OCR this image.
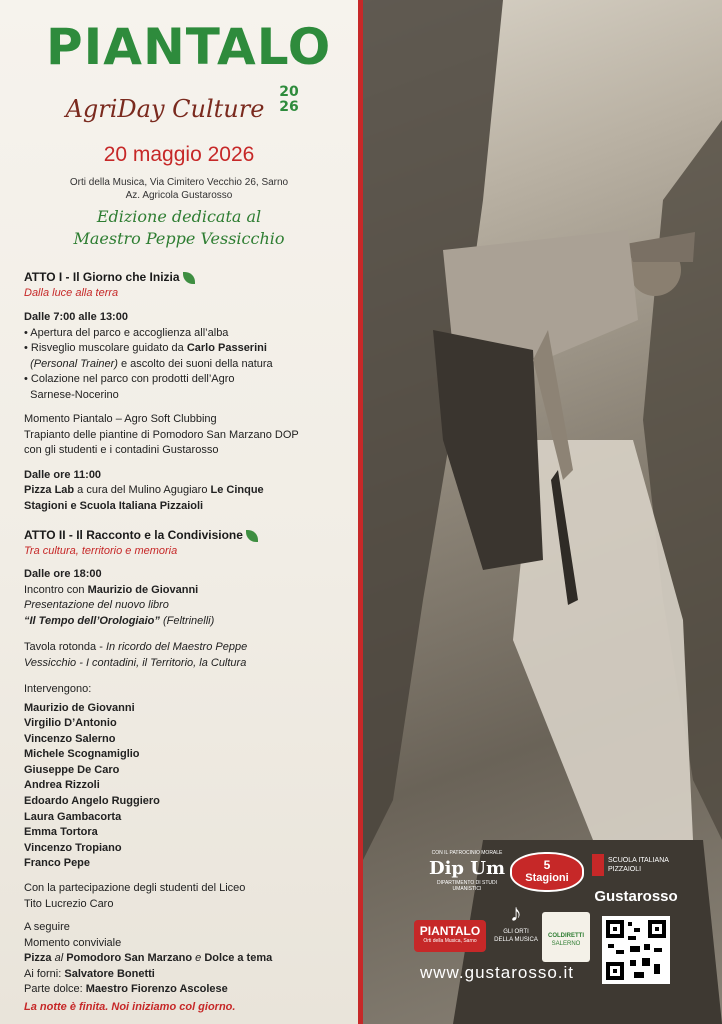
PIANTALO
AgriDay Culture
20
26
20 maggio 2026
Orti della Musica, Via Cimitero Vecchio 26, Sarno
Az. Agricola Gustarosso
Edizione dedicata al
Maestro Peppe Vessicchio
ATTO I - Il Giorno che Inizia
Dalla luce alla terra
Dalle 7:00 alle 13:00
• Apertura del parco e accoglienza all’alba
• Risveglio muscolare guidato da Carlo Passerini
(Personal Trainer) e ascolto dei suoni della natura
• Colazione nel parco con prodotti dell’Agro
Sarnese-Nocerino
Momento Piantalo – Agro Soft Clubbing
Trapianto delle piantine di Pomodoro San Marzano DOP
con gli studenti e i contadini Gustarosso
Dalle ore 11:00
Pizza Lab a cura del Mulino Agugiaro Le Cinque
Stagioni e Scuola Italiana Pizzaioli
ATTO II - Il Racconto e la Condivisione
Tra cultura, territorio e memoria
Dalle ore 18:00
Incontro con Maurizio de Giovanni
Presentazione del nuovo libro
“Il Tempo dell’Orologiaio” (Feltrinelli)
Tavola rotonda - In ricordo del Maestro Peppe
Vessicchio - I contadini, il Territorio, la Cultura
Intervengono:
Maurizio de Giovanni
Virgilio D’Antonio
Vincenzo Salerno
Michele Scognamiglio
Giuseppe De Caro
Andrea Rizzoli
Edoardo Angelo Ruggiero
Laura Gambacorta
Emma Tortora
Vincenzo Tropiano
Franco Pepe
Con la partecipazione degli studenti del Liceo
Tito Lucrezio Caro
A seguire
Momento conviviale
Pizza al Pomodoro San Marzano e Dolce a tema
Ai forni: Salvatore Bonetti
Parte dolce: Maestro Fiorenzo Ascolese
La notte è finita. Noi iniziamo col giorno.
CON IL PATROCINIO MORALE
Dip Um
DIPARTIMENTO DI STUDI UMANISTICI
5
Stagioni
SCUOLA ITALIANA
PIZZAIOLI
Gustarosso
PIANTALO
Orti della Musica, Sarno
♪
GLI ORTI
DELLA MUSICA
COLDIRETTI
SALERNO
www.gustarosso.it
